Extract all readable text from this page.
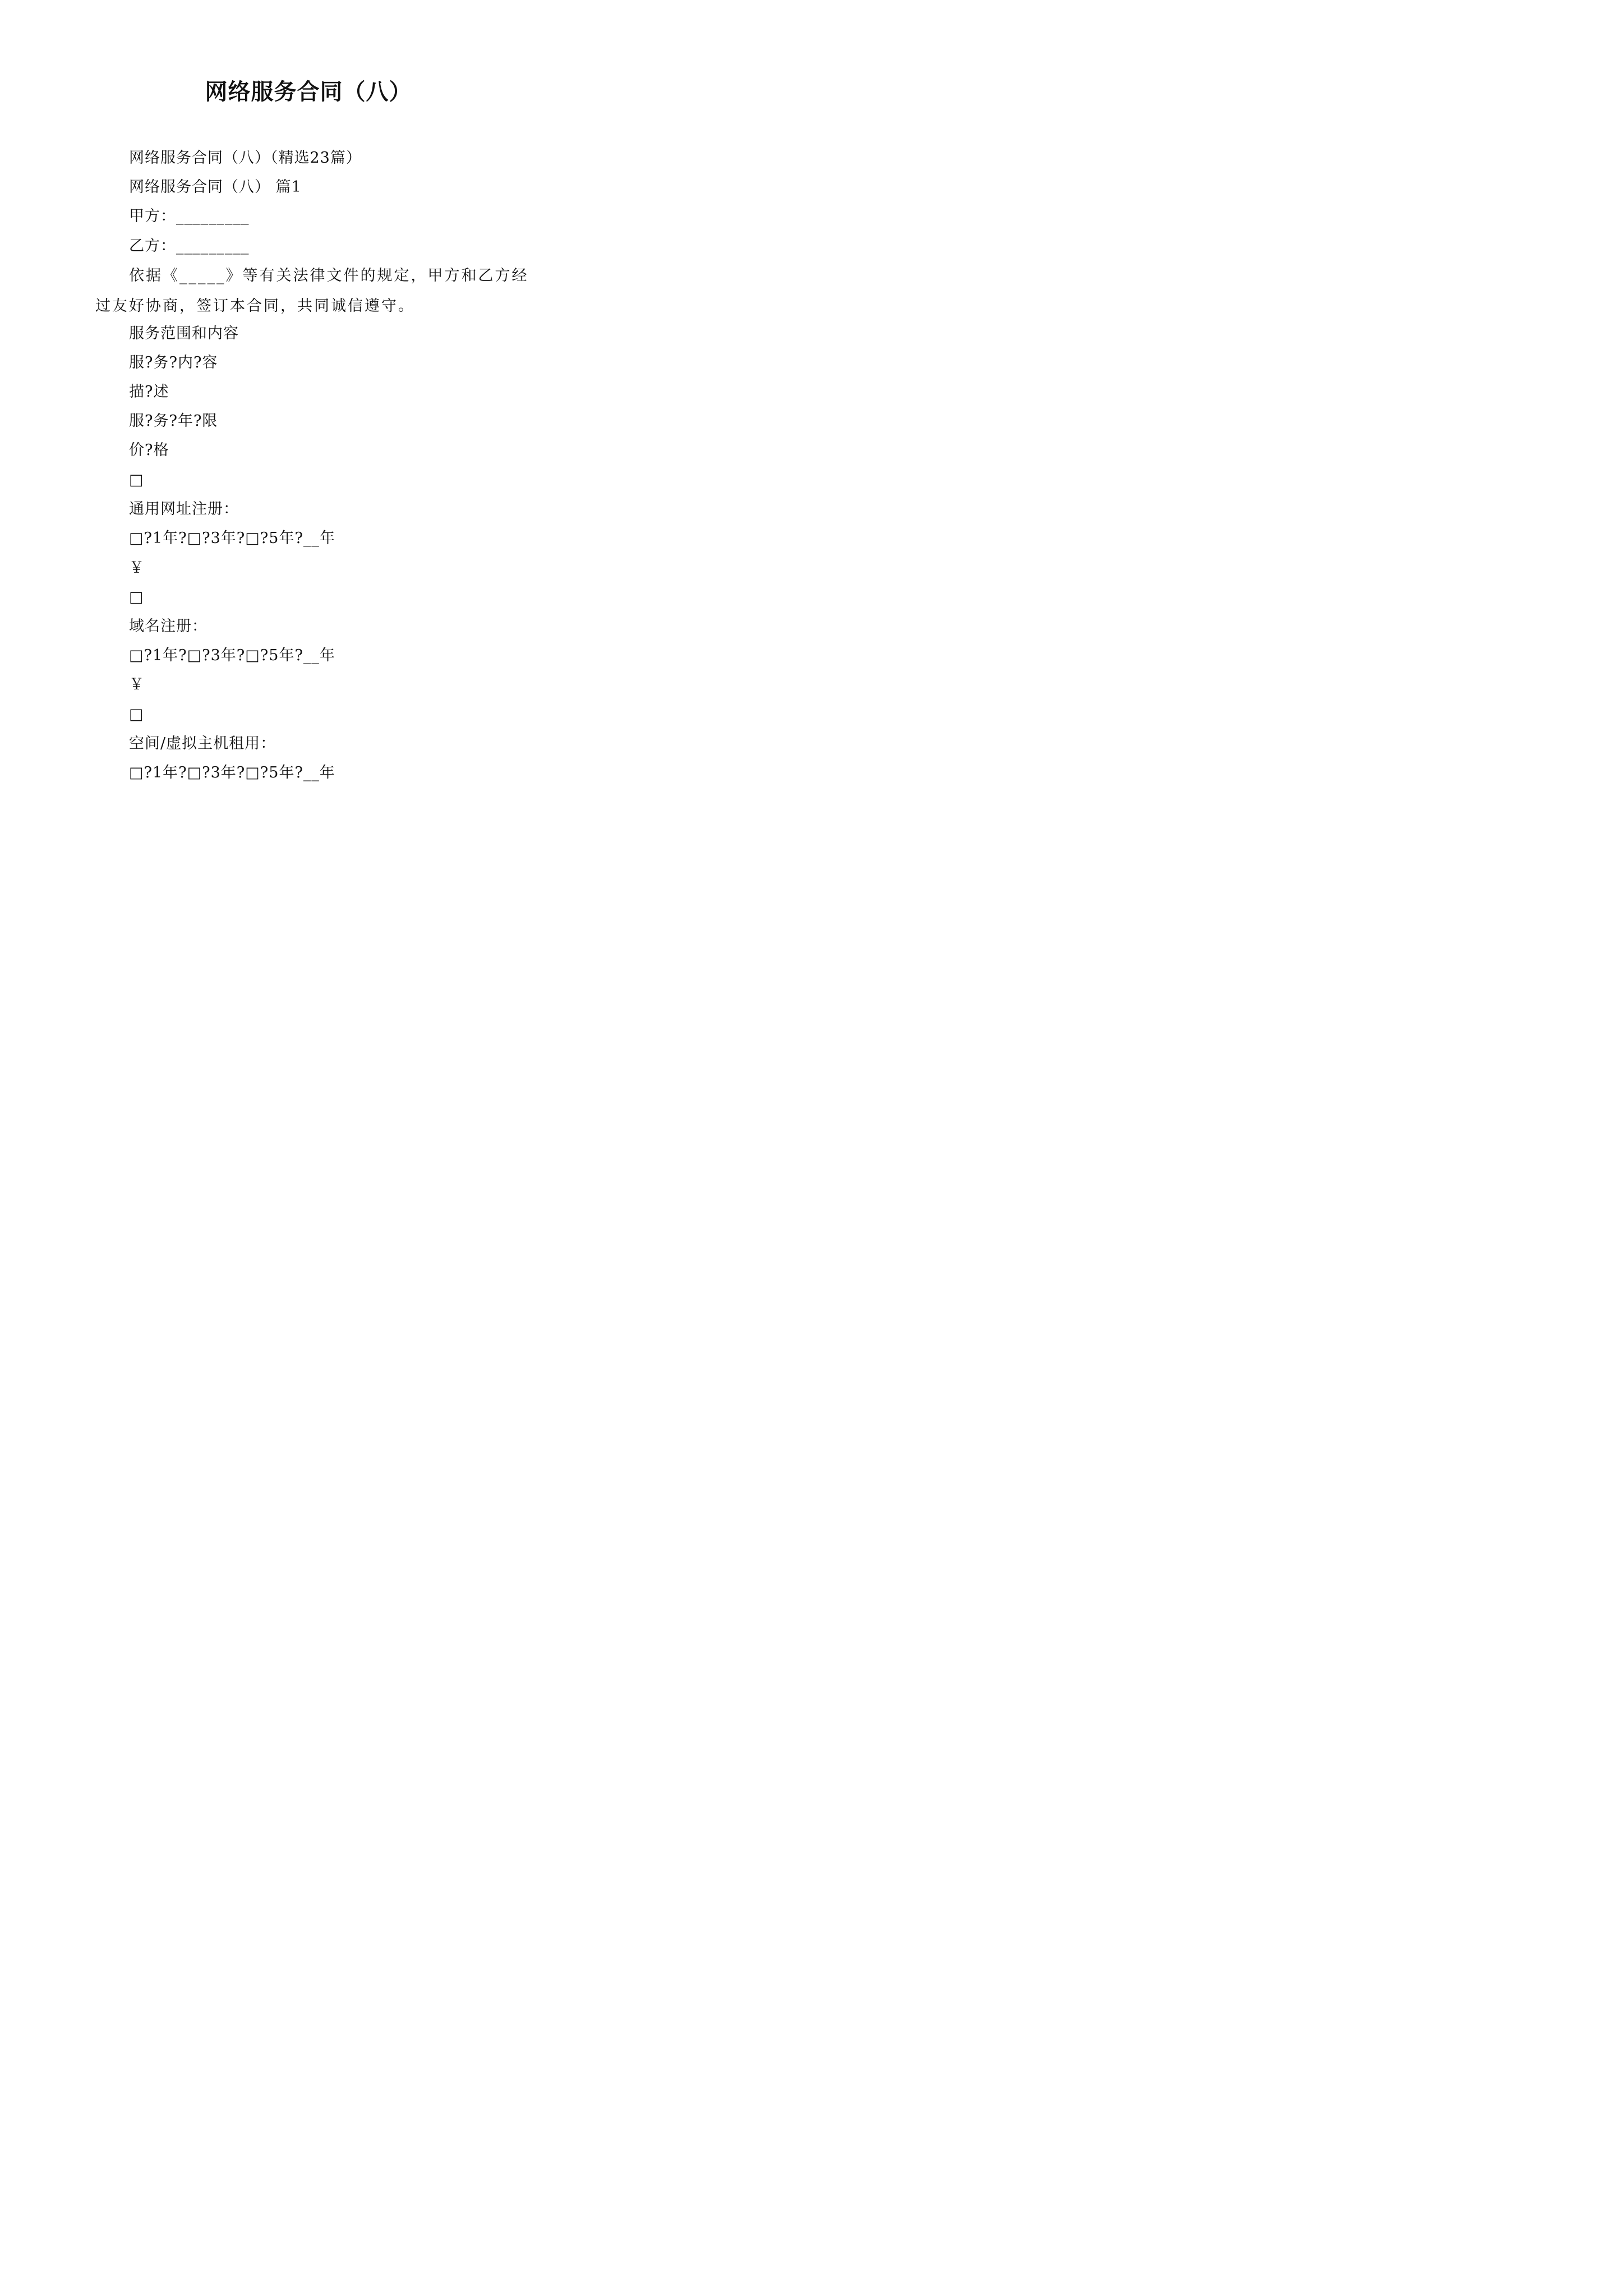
网络服务合同（八）
网络服务合同（八）（精选23篇）
网络服务合同（八） 篇1
甲方：_________
乙方：_________
依据《_____》等有关法律文件的规定，甲方和乙方经过友好协商，签订本合同，共同诚信遵守。
服务范围和内容
服?务?内?容
描?述
服?务?年?限
价?格
□
通用网址注册：
□?1年?□?3年?□?5年?__年
￥
□
域名注册：
□?1年?□?3年?□?5年?__年
￥
□
空间/虚拟主机租用：
□?1年?□?3年?□?5年?__年
